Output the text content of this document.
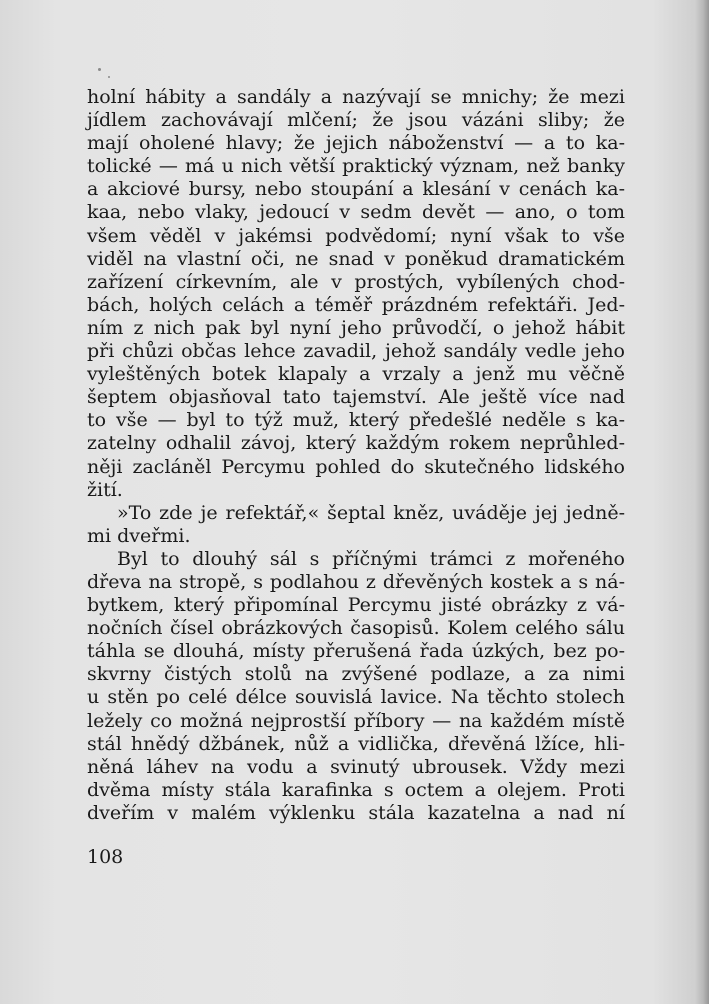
holní hábity a sandály a nazývají se mnichy; že mezi
jídlem zachovávají mlčení; že jsou vázáni sliby; že
mají oholené hlavy; že jejich náboženství — a to ka-
tolické — má u nich větší praktický význam, než banky
a akciové bursy, nebo stoupání a klesání v cenách ka-
kaa, nebo vlaky, jedoucí v sedm devět — ano, o tom
všem věděl v jakémsi podvědomí; nyní však to vše
viděl na vlastní oči, ne snad v poněkud dramatickém
zařízení církevním, ale v prostých, vybílených chod-
bách, holých celách a téměř prázdném refektáři. Jed-
ním z nich pak byl nyní jeho průvodčí, o jehož hábit
při chůzi občas lehce zavadil, jehož sandály vedle jeho
vyleštěných botek klapaly a vrzaly a jenž mu věčně
šeptem objasňoval tato tajemství. Ale ještě více nad
to vše — byl to týž muž, který předešlé neděle s ka-
zatelny odhalil závoj, který každým rokem neprůhled-
něji zacláněl Percymu pohled do skutečného lidského
žití.
»To zde je refektář,« šeptal kněz, uváděje jej jedně-
mi dveřmi.
Byl to dlouhý sál s příčnými trámci z mořeného
dřeva na stropě, s podlahou z dřevěných kostek a s ná-
bytkem, který připomínal Percymu jisté obrázky z vá-
nočních čísel obrázkových časopisů. Kolem celého sálu
táhla se dlouhá, místy přerušená řada úzkých, bez po-
skvrny čistých stolů na zvýšené podlaze, a za nimi
u stěn po celé délce souvislá lavice. Na těchto stolech
ležely co možná nejprostší příbory — na každém místě
stál hnědý džbánek, nůž a vidlička, dřevěná lžíce, hli-
něná láhev na vodu a svinutý ubrousek. Vždy mezi
dvěma místy stála karafinka s octem a olejem. Proti
dveřím v malém výklenku stála kazatelna a nad ní
108
